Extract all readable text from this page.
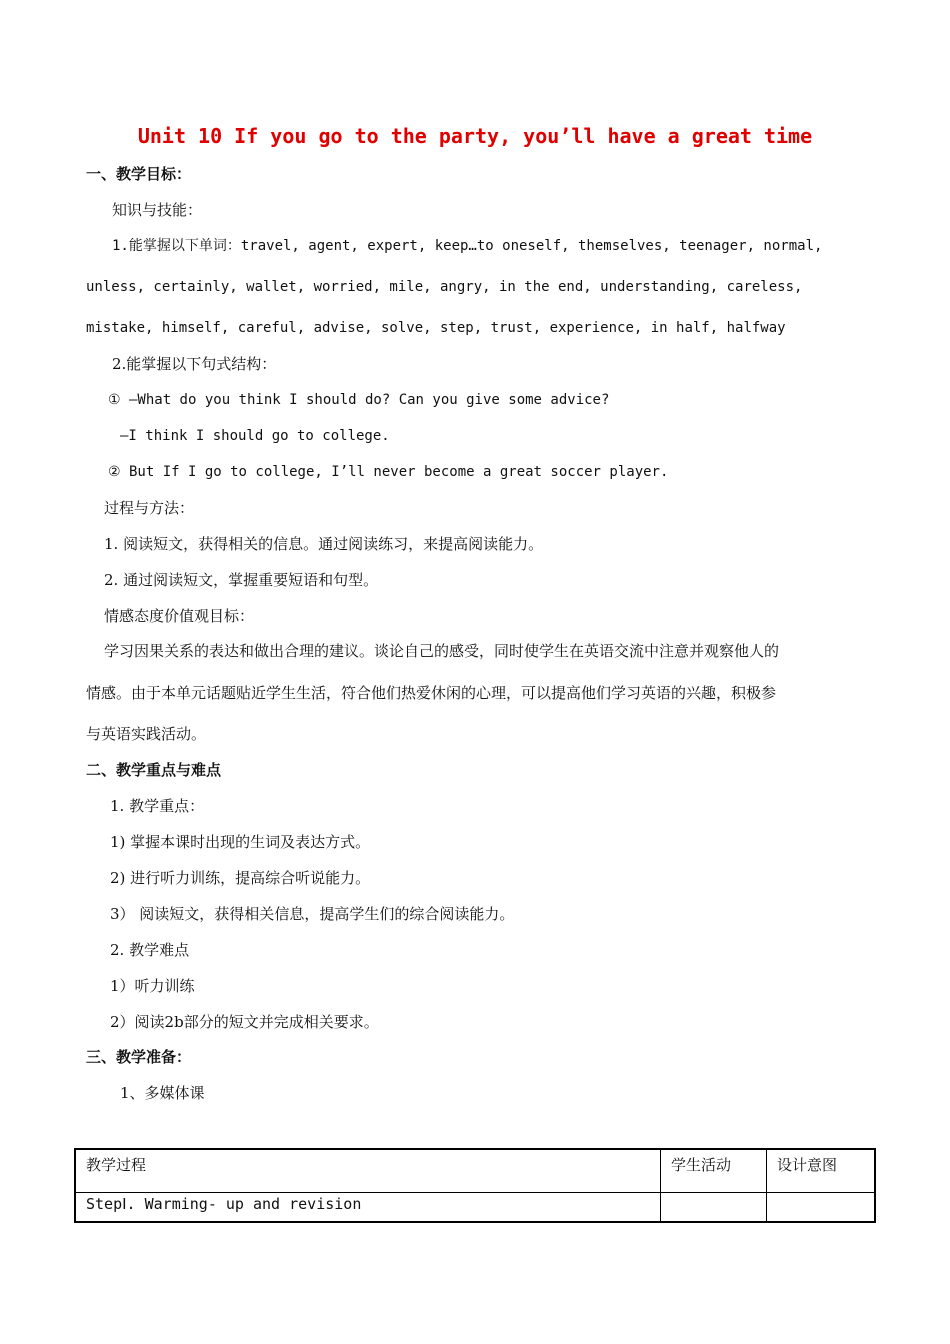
Unit 10 If you go to the party, you’ll have a great time
一、教学目标：
知识与技能：
1.能掌握以下单词：travel, agent, expert, keep…to oneself, themselves, teenager, normal,
unless, certainly, wallet, worried, mile, angry, in the end, understanding, careless,
mistake, himself, careful, advise, solve, step, trust, experience, in half, halfway
2.能掌握以下句式结构：
① —What do you think I should do? Can you give some advice?
—I think I should go to college.
② But If I go to college, I’ll never become a great soccer player.
过程与方法：
1. 阅读短文，获得相关的信息。通过阅读练习，来提高阅读能力。
2. 通过阅读短文，掌握重要短语和句型。
情感态度价值观目标：
学习因果关系的表达和做出合理的建议。谈论自己的感受，同时使学生在英语交流中注意并观察他人的
情感。由于本单元话题贴近学生生活，符合他们热爱休闲的心理，可以提高他们学习英语的兴趣，积极参
与英语实践活动。
二、教学重点与难点
1. 教学重点：
1) 掌握本课时出现的生词及表达方式。
2) 进行听力训练，提高综合听说能力。
3） 阅读短文，获得相关信息，提高学生们的综合阅读能力。
2. 教学难点
1）听力训练
2）阅读2b部分的短文并完成相关要求。
三、教学准备：
1、多媒体课
教学过程	学生活动	设计意图
StepⅠ. Warming- up and revision		
